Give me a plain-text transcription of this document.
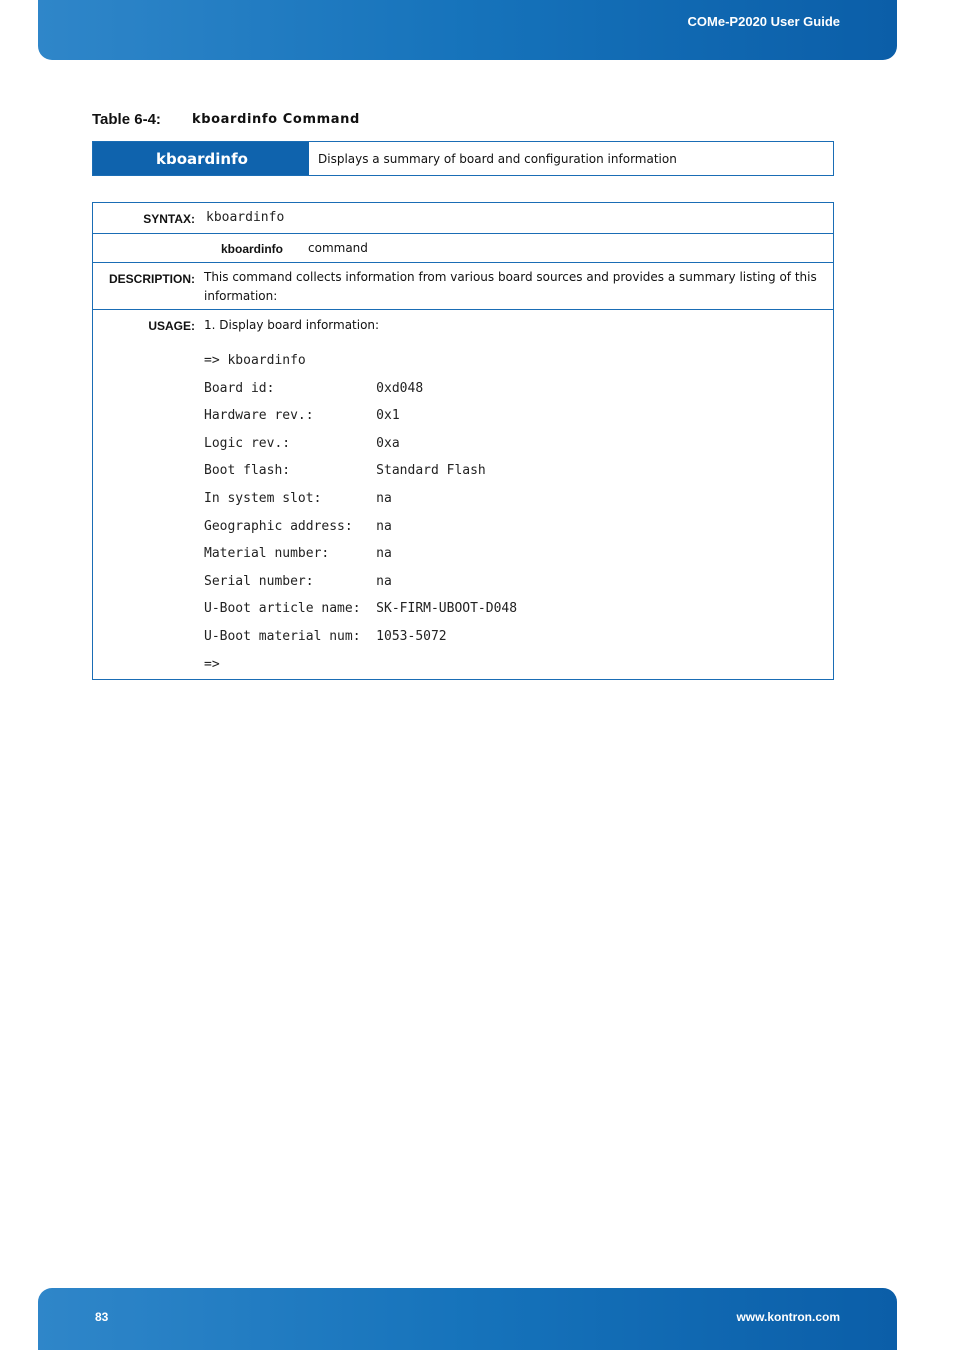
COMe-P2020 User Guide
Table 6-4: kboardinfo Command
kboardinfo	Displays a summary of board and configuration information
SYNTAX: kboardinfo
kboardinfo command
DESCRIPTION: This command collects information from various board sources and provides a summary listing of this information:
USAGE: 1. Display board information:
=> kboardinfo
Board id:             0xd048
Hardware rev.:        0x1
Logic rev.:           0xa
Boot flash:           Standard Flash
In system slot:       na
Geographic address:   na
Material number:      na
Serial number:        na
U-Boot article name:  SK-FIRM-UBOOT-D048
U-Boot material num:  1053-5072
=>
83	www.kontron.com
